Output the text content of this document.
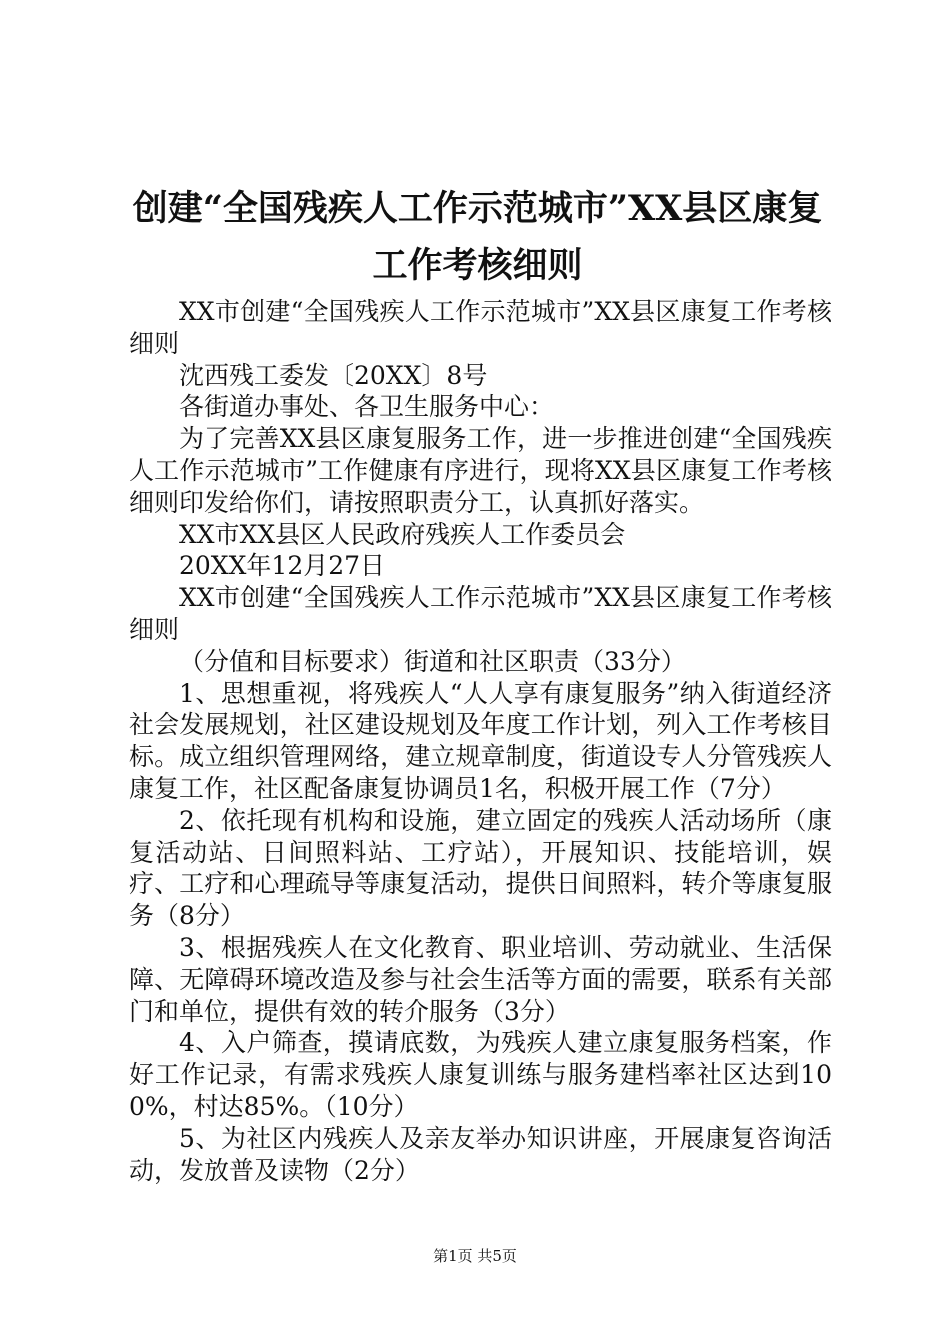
创建“全国残疾人工作示范城市”XX县区康复工作考核细则

XX市创建“全国残疾人工作示范城市”XX县区康复工作考核细则

沈西残工委发〔20XX〕8号

各街道办事处、各卫生服务中心：

为了完善XX县区康复服务工作，进一步推进创建“全国残疾人工作示范城市”工作健康有序进行，现将XX县区康复工作考核细则印发给你们，请按照职责分工，认真抓好落实。

XX市XX县区人民政府残疾人工作委员会

20XX年12月27日

XX市创建“全国残疾人工作示范城市”XX县区康复工作考核细则

（分值和目标要求）街道和社区职责（33分）

1、思想重视，将残疾人“人人享有康复服务”纳入街道经济社会发展规划，社区建设规划及年度工作计划，列入工作考核目标。成立组织管理网络，建立规章制度，街道设专人分管残疾人康复工作，社区配备康复协调员1名，积极开展工作（7分）

2、依托现有机构和设施，建立固定的残疾人活动场所（康复活动站、日间照料站、工疗站），开展知识、技能培训，娱疗、工疗和心理疏导等康复活动，提供日间照料，转介等康复服务（8分）

3、根据残疾人在文化教育、职业培训、劳动就业、生活保障、无障碍环境改造及参与社会生活等方面的需要，联系有关部门和单位，提供有效的转介服务（3分）

4、入户筛查，摸请底数，为残疾人建立康复服务档案，作好工作记录，有需求残疾人康复训练与服务建档率社区达到100%，村达85%。（10分）

5、为社区内残疾人及亲友举办知识讲座，开展康复咨询活动，发放普及读物（2分）

第1页 共5页
